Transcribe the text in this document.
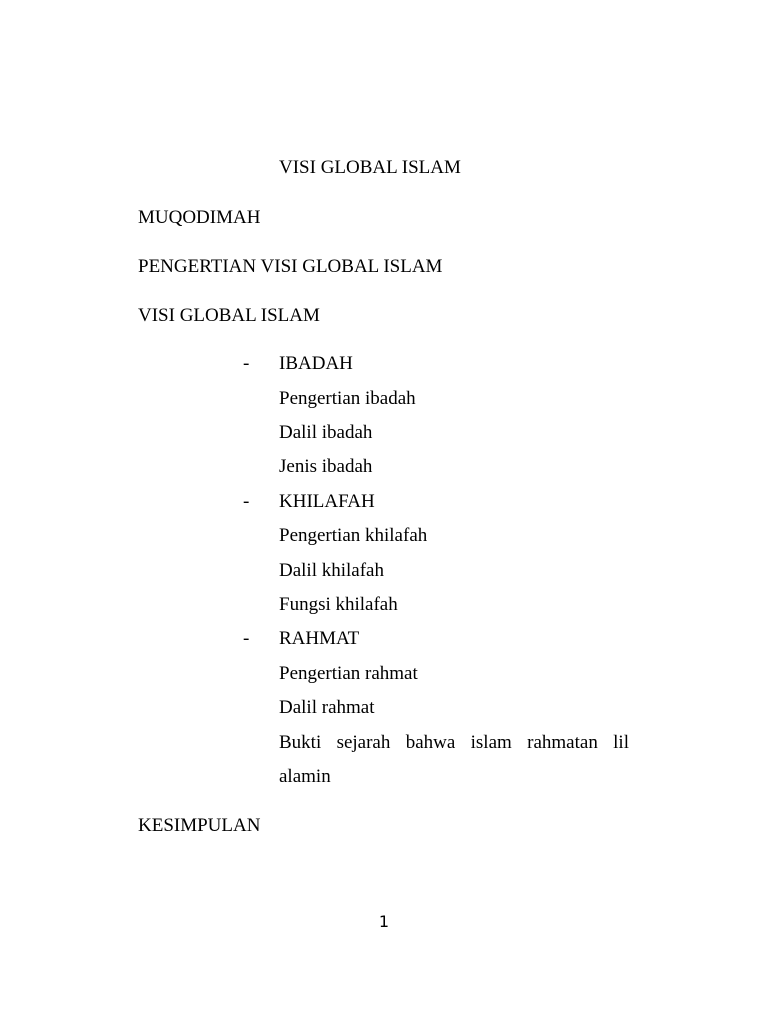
VISI GLOBAL ISLAM
MUQODIMAH
PENGERTIAN VISI GLOBAL ISLAM
VISI GLOBAL ISLAM
- IBADAH
Pengertian ibadah
Dalil ibadah
Jenis ibadah
- KHILAFAH
Pengertian khilafah
Dalil khilafah
Fungsi khilafah
- RAHMAT
Pengertian rahmat
Dalil rahmat
Bukti sejarah bahwa islam rahmatan lil
alamin
KESIMPULAN
1
